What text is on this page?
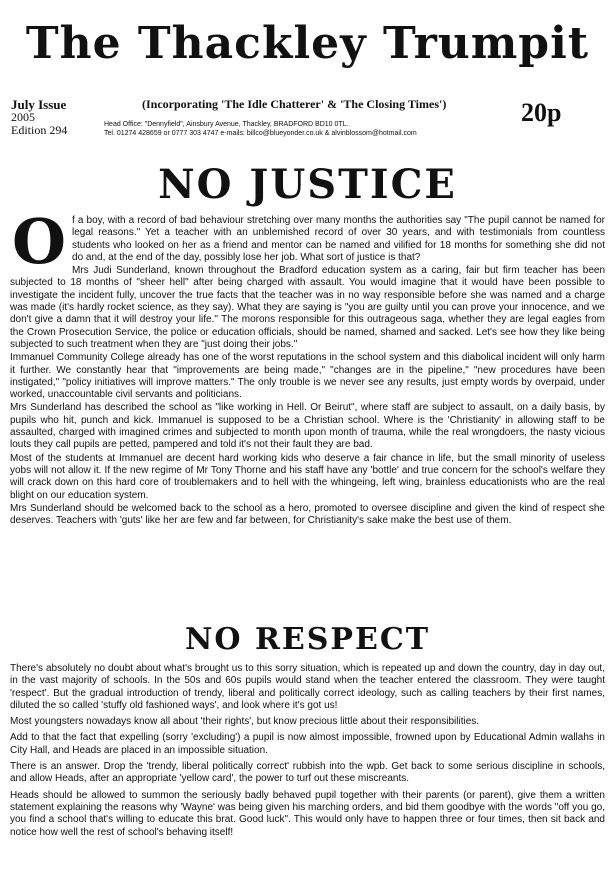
The Thackley Trumpit
July Issue
2005
Edition 294
(Incorporating 'The Idle Chatterer' & 'The Closing Times')
Head Office: "Dennyfield", Ainsbury Avenue, Thackley, BRADFORD BD10 0TL.
Tel. 01274 428659 or 0777 303 4747 e-mails: billco@blueyonder.co.uk & alvinblossom@hotmail.com
20p
NO JUSTICE

Of a boy, with a record of bad behaviour stretching over many months the authorities say "The pupil cannot be named for legal reasons." Yet a teacher with an unblemished record of over 30 years, and with testimonials from countless students who looked on her as a friend and mentor can be named and vilified for 18 months for something she did not do and, at the end of the day, possibly lose her job. What sort of justice is that?

Mrs Judi Sunderland, known throughout the Bradford education system as a caring, fair but firm teacher has been subjected to 18 months of "sheer hell" after being charged with assault. You would imagine that it would have been possible to investigate the incident fully, uncover the true facts that the teacher was in no way responsible before she was named and a charge was made (it's hardly rocket science, as they say). What they are saying is "you are guilty until you can prove your innocence, and we don't give a damn that it will destroy your life." The morons responsible for this outrageous saga, whether they are legal eagles from the Crown Prosecution Service, the police or education officials, should be named, shamed and sacked. Let's see how they like being subjected to such treatment when they are "just doing their jobs."

Immanuel Community College already has one of the worst reputations in the school system and this diabolical incident will only harm it further. We constantly hear that "improvements are being made," "changes are in the pipeline," "new procedures have been instigated," "policy initiatives will improve matters." The only trouble is we never see any results, just empty words by overpaid, under worked, unaccountable civil servants and politicians.

Mrs Sunderland has described the school as "like working in Hell. Or Beirut", where staff are subject to assault, on a daily basis, by pupils who hit, punch and kick. Immanuel is supposed to be a Christian school. Where is the 'Christianity' in allowing staff to be assaulted, charged with imagined crimes and subjected to month upon month of trauma, while the real wrongdoers, the nasty vicious louts they call pupils are petted, pampered and told it's not their fault they are bad.

Most of the students at Immanuel are decent hard working kids who deserve a fair chance in life, but the small minority of useless yobs will not allow it. If the new regime of Mr Tony Thorne and his staff have any 'bottle' and true concern for the school's welfare they will crack down on this hard core of troublemakers and to hell with the whingeing, left wing, brainless educationists who are the real blight on our education system.

Mrs Sunderland should be welcomed back to the school as a hero, promoted to oversee discipline and given the kind of respect she deserves. Teachers with 'guts' like her are few and far between, for Christianity's sake make the best use of them.

NO RESPECT

There's absolutely no doubt about what's brought us to this sorry situation, which is repeated up and down the country, day in day out, in the vast majority of schools. In the 50s and 60s pupils would stand when the teacher entered the classroom. They were taught 'respect'. But the gradual introduction of trendy, liberal and politically correct ideology, such as calling teachers by their first names, diluted the so called 'stuffy old fashioned ways', and look where it's got us!

Most youngsters nowadays know all about 'their rights', but know precious little about their responsibilities.

Add to that the fact that expelling (sorry 'excluding') a pupil is now almost impossible, frowned upon by Educational Admin wallahs in City Hall, and Heads are placed in an impossible situation.

There is an answer. Drop the 'trendy, liberal politically correct' rubbish into the wpb. Get back to some serious discipline in schools, and allow Heads, after an appropriate 'yellow card', the power to turf out these miscreants.

Heads should be allowed to summon the seriously badly behaved pupil together with their parents (or parent), give them a written statement explaining the reasons why 'Wayne' was being given his marching orders, and bid them goodbye with the words "off you go, you find a school that's willing to educate this brat. Good luck". This would only have to happen three or four times, then sit back and notice how well the rest of school's behaving itself!
